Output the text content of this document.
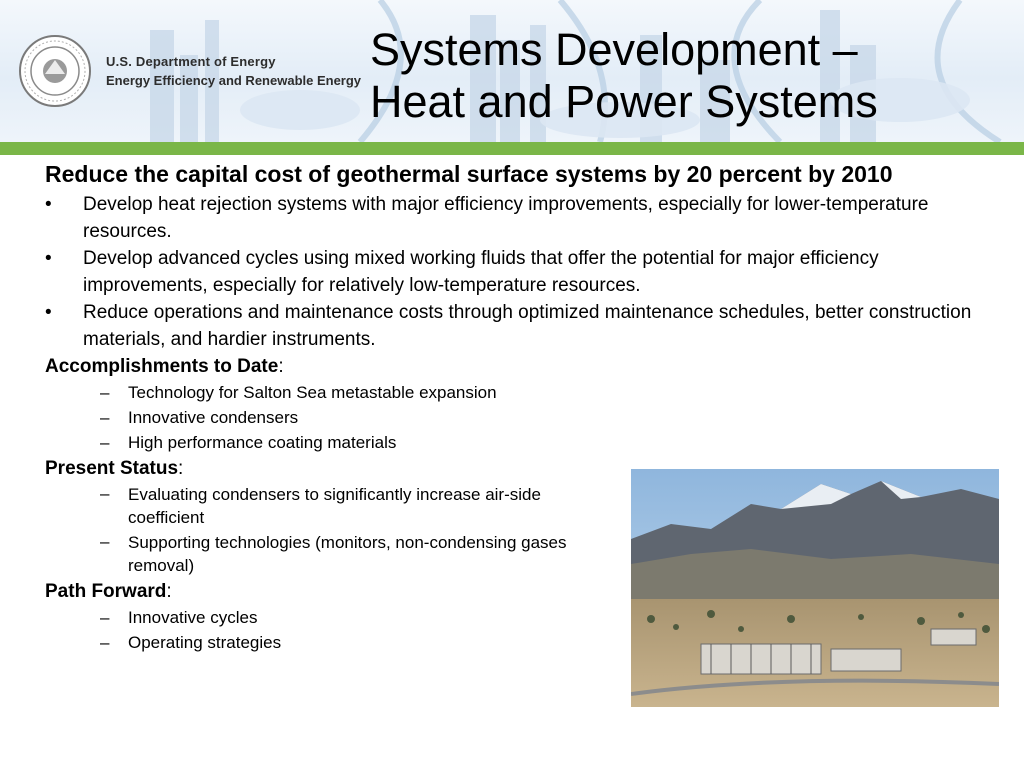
U.S. Department of Energy
Energy Efficiency and Renewable Energy
Systems Development –
Heat and Power Systems

Reduce the capital cost of geothermal surface systems by 20 percent by 2010

• Develop heat rejection systems with major efficiency improvements, especially for lower-temperature resources.
• Develop advanced cycles using mixed working fluids that offer the potential for major efficiency improvements, especially for relatively low-temperature resources.
• Reduce operations and maintenance costs through optimized maintenance schedules, better construction materials, and hardier instruments.

Accomplishments to Date:

– Technology for Salton Sea metastable expansion
– Innovative condensers
– High performance coating materials

Present Status:

– Evaluating condensers to significantly increase air-side coefficient
– Supporting technologies (monitors, non-condensing gases removal)

Path Forward:

– Innovative cycles
– Operating strategies
